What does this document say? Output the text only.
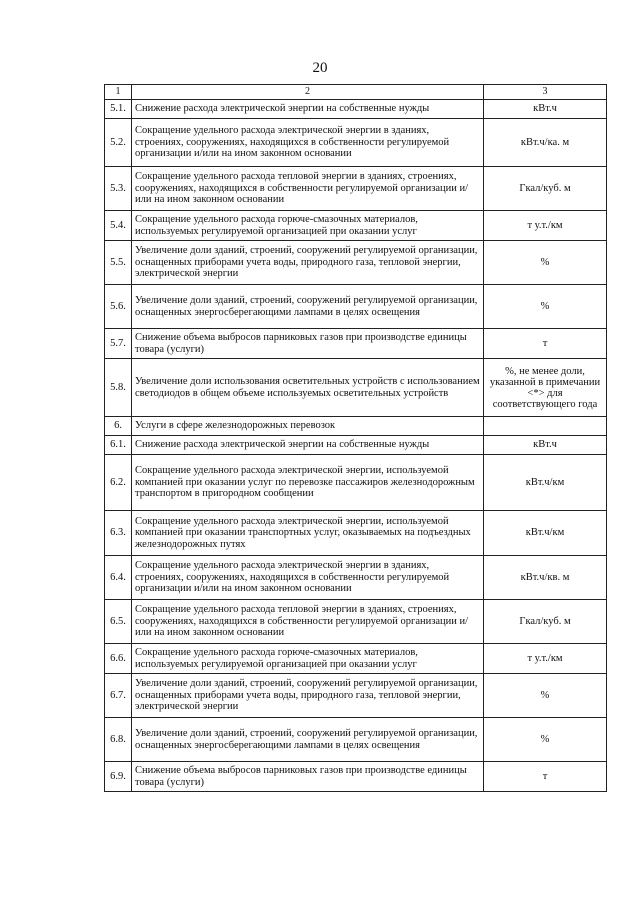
20
1	2	3
5.1.	Снижение расхода электрической энергии на собственные нужды	кВт.ч
5.2.	Сокращение удельного расхода электрической энергии в зданиях, строениях, сооружениях, находящихся в собственности регулируемой организации и/или на ином законном основании	кВт.ч/ка. м
5.3.	Сокращение удельного расхода тепловой энергии в зданиях, строениях, сооружениях, находящихся в собственности регулируемой организации и/или на ином законном основании	Гкал/куб. м
5.4.	Сокращение удельного расхода горюче-смазочных материалов, используемых регулируемой организацией при оказании услуг	т у.т./км
5.5.	Увеличение доли зданий, строений, сооружений регулируемой организации, оснащенных приборами учета воды, природного газа, тепловой энергии, электрической энергии	%
5.6.	Увеличение доли зданий, строений, сооружений регулируемой организации, оснащенных энергосберегающими лампами в целях освещения	%
5.7.	Снижение объема выбросов парниковых газов при производстве единицы товара (услуги)	т
5.8.	Увеличение доли использования осветительных устройств с использованием светодиодов в общем объеме используемых осветительных устройств	%, не менее доли, указанной в примечании <*> для соответствующего года
6.	Услуги в сфере железнодорожных перевозок	
6.1.	Снижение расхода электрической энергии на собственные нужды	кВт.ч
6.2.	Сокращение удельного расхода электрической энергии, используемой компанией при оказании услуг по перевозке пассажиров железнодорожным транспортом в пригородном сообщении	кВт.ч/км
6.3.	Сокращение удельного расхода электрической энергии, используемой компанией при оказании транспортных услуг, оказываемых на подъездных железнодорожных путях	кВт.ч/км
6.4.	Сокращение удельного расхода электрической энергии в зданиях, строениях, сооружениях, находящихся в собственности регулируемой организации и/или на ином законном основании	кВт.ч/кв. м
6.5.	Сокращение удельного расхода тепловой энергии в зданиях, строениях, сооружениях, находящихся в собственности регулируемой организации и/или на ином законном основании	Гкал/куб. м
6.6.	Сокращение удельного расхода горюче-смазочных материалов, используемых регулируемой организацией при оказании услуг	т у.т./км
6.7.	Увеличение доли зданий, строений, сооружений регулируемой организации, оснащенных приборами учета воды, природного газа, тепловой энергии, электрической энергии	%
6.8.	Увеличение доли зданий, строений, сооружений регулируемой организации, оснащенных энергосберегающими лампами в целях освещения	%
6.9.	Снижение объема выбросов парниковых газов при производстве единицы товара (услуги)	т
